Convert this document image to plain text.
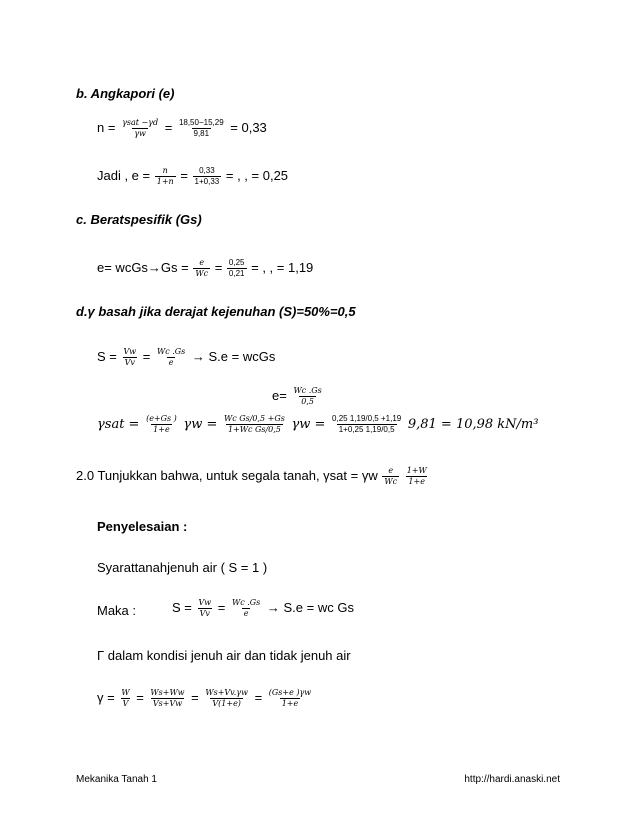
b. Angkapori (e)
$n = \frac{\text{γsat −γd}}{\gamma w} = \frac{18,50-15,29}{9,81} = 0,33$
Jadi , $e = \frac{n}{1+n} = \frac{0,33}{1+0,33}$ = , , = 0,25
c. Beratspesifik (Gs)
e= wcGs→Gs = $\frac{e}{Wc} = \frac{0,25}{0,21}$ = , , = 1,19
d.γ basah jika derajat kejenuhan (S)=50%=0,5
$S = \frac{Vw}{Vv} = \frac{Wc .Gs}{e} \to S.e$ = wcGs
$e= \frac{Wc .Gs}{0,5}$
$\gamma sat = \frac{(e+Gs )}{1+e}$ $\gamma w = \frac{\text{Wc Gs/0,5 +Gs}}{\text{1+Wc Gs/0,5}}$ $\gamma w = \frac{0,25 1,19/0,5 +1,19}{1+0,25 1,19/0,5} 9,81 = 10,98$ kN/m³
2.0 Tunjukkan bahwa, untuk segala tanah, γsat = γw $\frac{e}{Wc}$
$\frac{1+W}{1+e}$
Penyelesaian :
Syarattanahjenuh air ( S = 1 )
Maka :	$S = \frac{Vw}{Vv} = \frac{Wc .Gs}{e} \to S.e$ = wc Gs
Γ dalam kondisi jenuh air dan tidak jenuh air
$\gamma = \frac{W}{V} = \frac{Ws+Ww}{Vs+Vw} = \frac{Ws+Vv.\gamma w}{V(1+e)} = \frac{(Gs+e )\gamma w}{1+e}$
Mekanika Tanah 1	http://hardi.anaski.net
